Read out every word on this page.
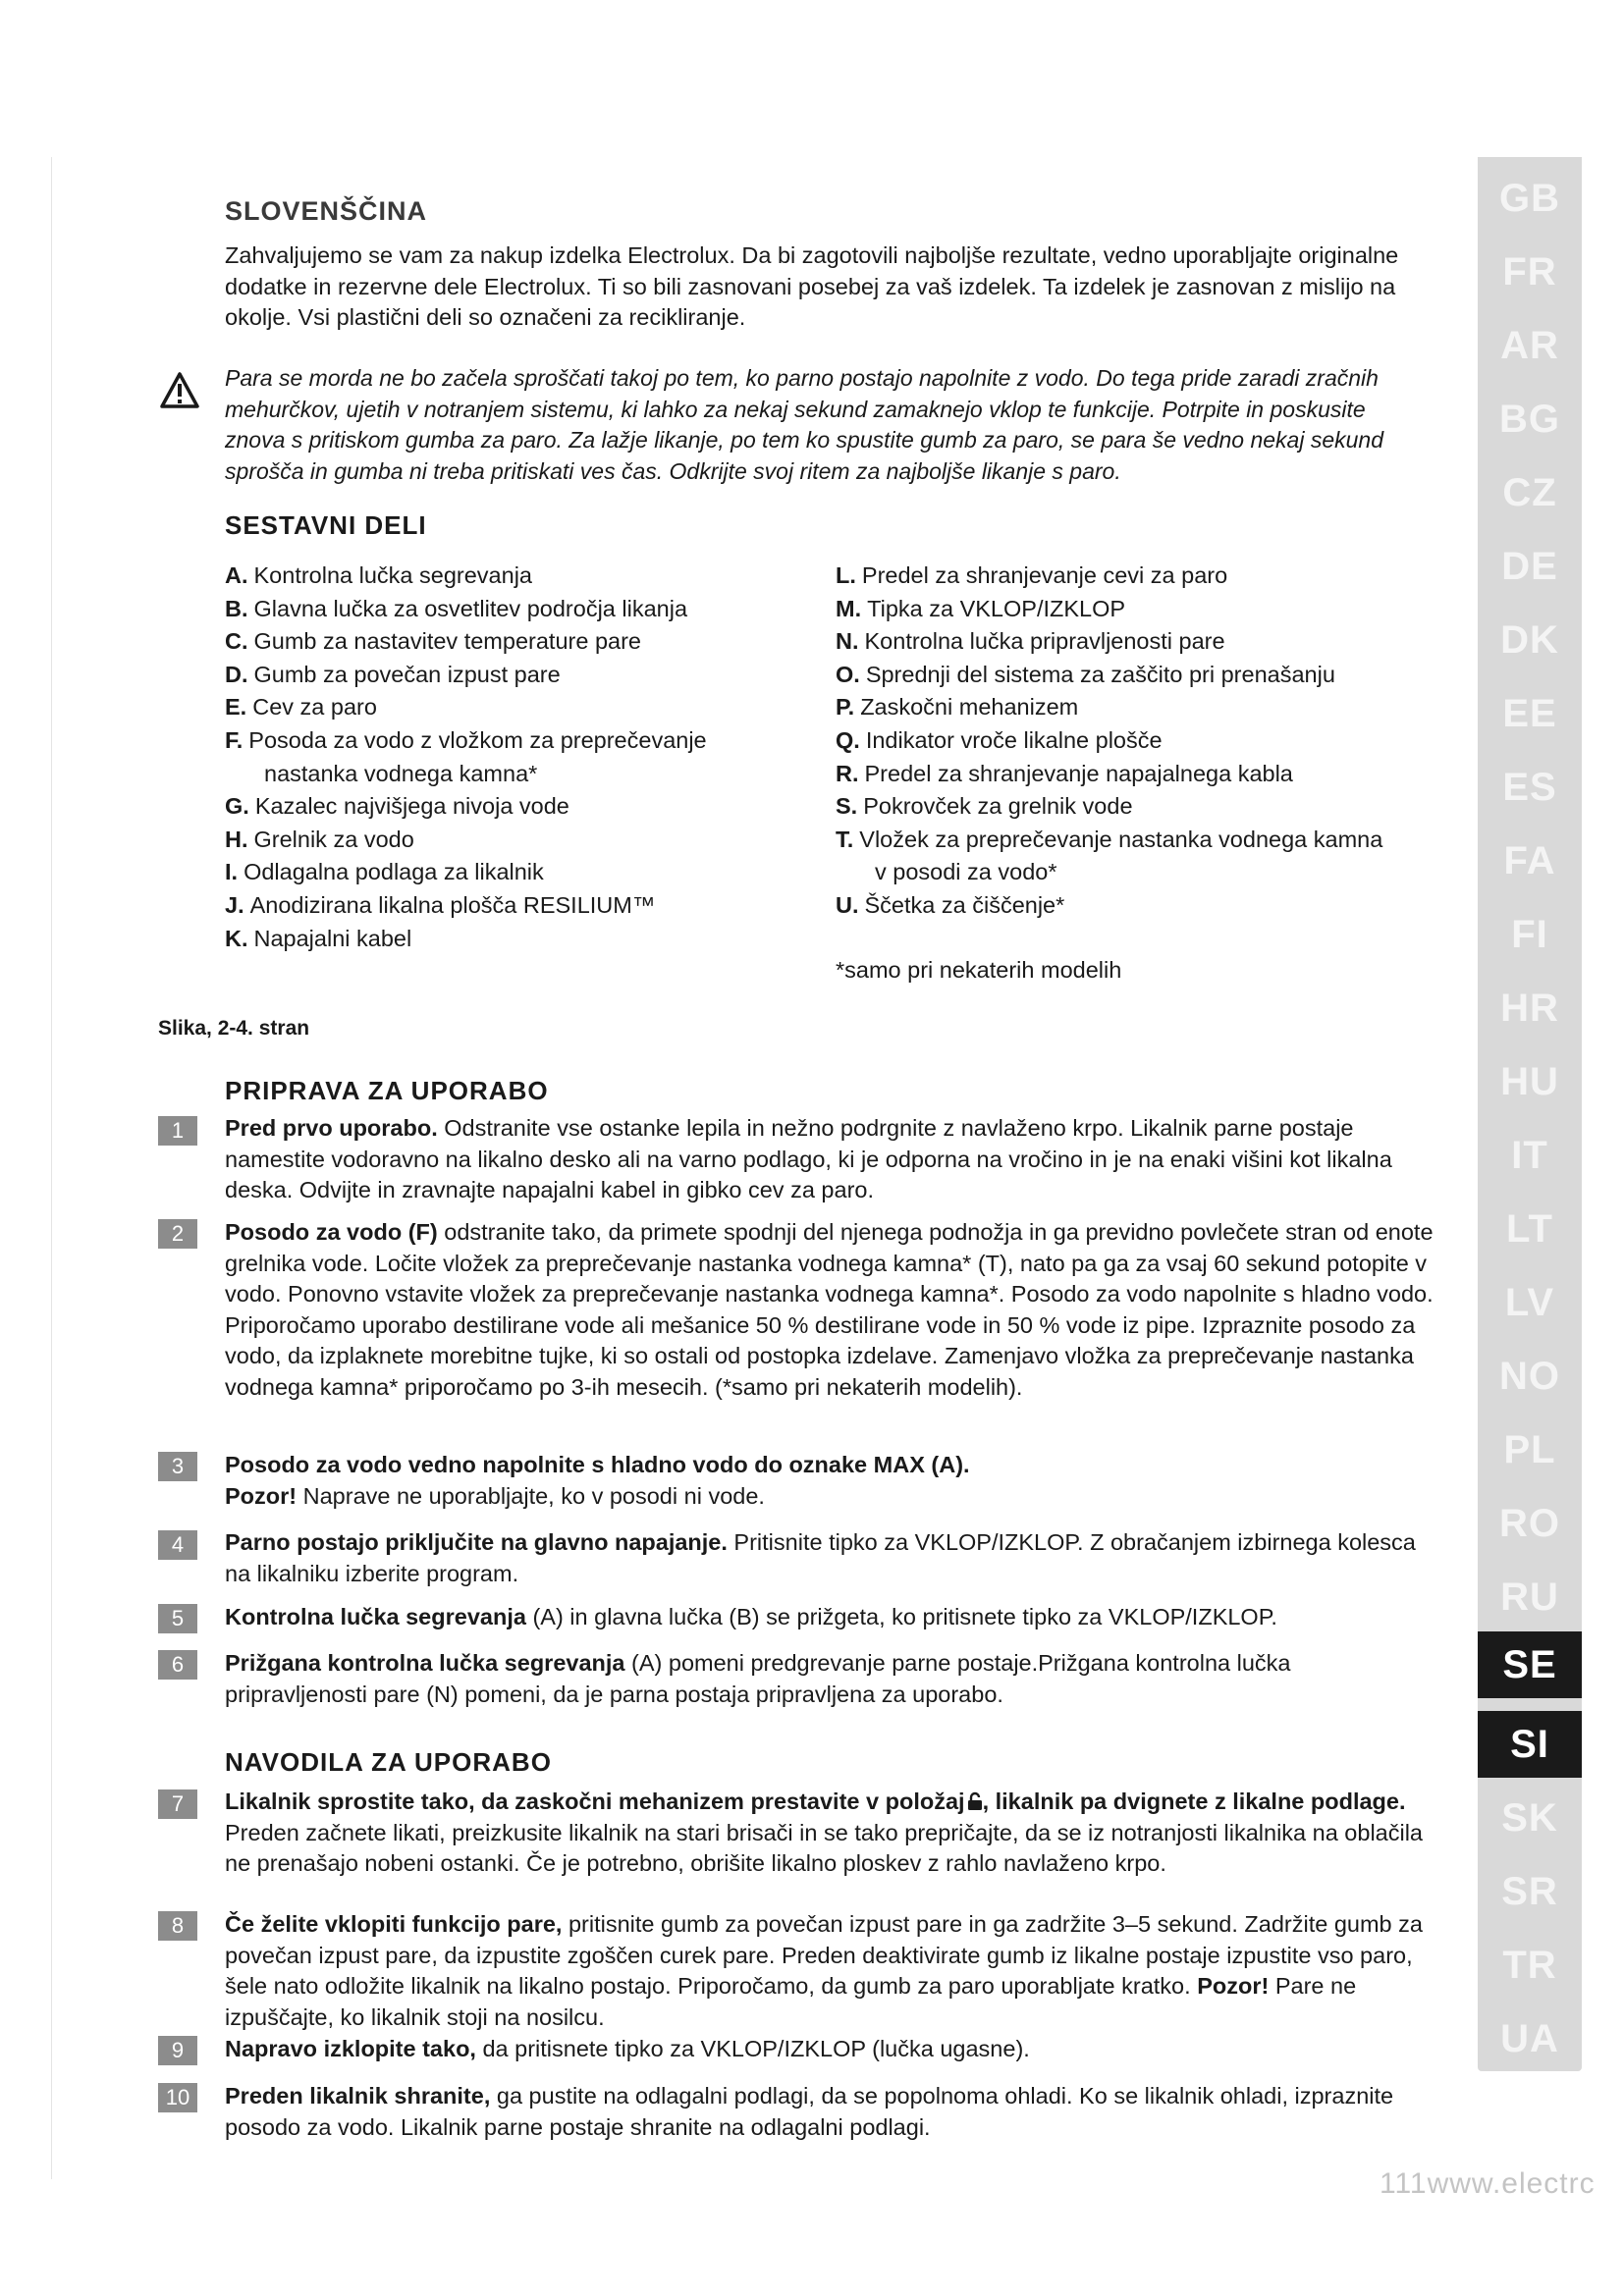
SLOVENŠČINA

Zahvaljujemo se vam za nakup izdelka Electrolux. Da bi zagotovili najboljše rezultate, vedno uporabljajte originalne dodatke in rezervne dele Electrolux. Ti so bili zasnovani posebej za vaš izdelek. Ta izdelek je zasnovan z mislijo na okolje. Vsi plastični deli so označeni za recikliranje.

Para se morda ne bo začela sproščati takoj po tem, ko parno postajo napolnite z vodo. Do tega pride zaradi zračnih mehurčkov, ujetih v notranjem sistemu, ki lahko za nekaj sekund zamaknejo vklop te funkcije. Potrpite in poskusite znova s pritiskom gumba za paro. Za lažje likanje, po tem ko spustite gumb za paro, se para še vedno nekaj sekund sprošča in gumba ni treba pritiskati ves čas. Odkrijte svoj ritem za najboljše likanje s paro.

SESTAVNI DELI
A. Kontrolna lučka segrevanja
B. Glavna lučka za osvetlitev področja likanja
C. Gumb za nastavitev temperature pare
D. Gumb za povečan izpust pare
E. Cev za paro
F. Posoda za vodo z vložkom za preprečevanje
nastanka vodnega kamna*
G. Kazalec najvišjega nivoja vode
H. Grelnik za vodo
I. Odlagalna podlaga za likalnik
J. Anodizirana likalna plošča RESILIUM™
K. Napajalni kabel
L. Predel za shranjevanje cevi za paro
M. Tipka za VKLOP/IZKLOP
N. Kontrolna lučka pripravljenosti pare
O. Sprednji del sistema za zaščito pri prenašanju
P. Zaskočni mehanizem
Q. Indikator vroče likalne plošče
R. Predel za shranjevanje napajalnega kabla
S. Pokrovček za grelnik vode
T. Vložek za preprečevanje nastanka vodnega kamna
v posodi za vodo*
U. Ščetka za čiščenje*

*samo pri nekaterih modelih

Slika, 2-4. stran

PRIPRAVA ZA UPORABO
1	Pred prvo uporabo. Odstranite vse ostanke lepila in nežno podrgnite z navlaženo krpo. Likalnik parne postaje namestite vodoravno na likalno desko ali na varno podlago, ki je odporna na vročino in je na enaki višini kot likalna deska. Odvijte in zravnajte napajalni kabel in gibko cev za paro.

2	Posodo za vodo (F) odstranite tako, da primete spodnji del njenega podnožja in ga previdno povlečete stran od enote grelnika vode. Ločite vložek za preprečevanje nastanka vodnega kamna* (T), nato pa ga za vsaj 60 sekund potopite v vodo. Ponovno vstavite vložek za preprečevanje nastanka vodnega kamna*. Posodo za vodo napolnite s hladno vodo. Priporočamo uporabo destilirane vode ali mešanice 50 % destilirane vode in 50 % vode iz pipe. Izpraznite posodo za vodo, da izplaknete morebitne tujke, ki so ostali od postopka izdelave. Zamenjavo vložka za preprečevanje nastanka vodnega kamna* priporočamo po 3-ih mesecih. (*samo pri nekaterih modelih).

3	Posodo za vodo vedno napolnite s hladno vodo do oznake MAX (A).
Pozor! Naprave ne uporabljajte, ko v posodi ni vode.

4	Parno postajo priključite na glavno napajanje. Pritisnite tipko za VKLOP/IZKLOP. Z obračanjem izbirnega kolesca na likalniku izberite program.

5	Kontrolna lučka segrevanja (A) in glavna lučka (B) se prižgeta, ko pritisnete tipko za VKLOP/IZKLOP.

6	Prižgana kontrolna lučka segrevanja (A) pomeni predgrevanje parne postaje.Prižgana kontrolna lučka pripravljenosti pare (N) pomeni, da je parna postaja pripravljena za uporabo.

NAVODILA ZA UPORABO
7	Likalnik sprostite tako, da zaskočni mehanizem prestavite v položaj , likalnik pa dvignete z likalne podlage. Preden začnete likati, preizkusite likalnik na stari brisači in se tako prepričajte, da se iz notranjosti likalnika na oblačila ne prenašajo nobeni ostanki. Če je potrebno, obrišite likalno ploskev z rahlo navlaženo krpo.

8	Če želite vklopiti funkcijo pare, pritisnite gumb za povečan izpust pare in ga zadržite 3–5 sekund. Zadržite gumb za povečan izpust pare, da izpustite zgoščen curek pare. Preden deaktivirate gumb iz likalne postaje izpustite vso paro, šele nato odložite likalnik na likalno postajo. Priporočamo, da gumb za paro uporabljate kratko. Pozor! Pare ne izpuščajte, ko likalnik stoji na nosilcu.

9	Napravo izklopite tako, da pritisnete tipko za VKLOP/IZKLOP (lučka ugasne).

10	Preden likalnik shranite, ga pustite na odlagalni podlagi, da se popolnoma ohladi. Ko se likalnik ohladi, izpraznite posodo za vodo. Likalnik parne postaje shranite na odlagalni podlagi.

GB
FR
AR
BG
CZ
DE
DK
EE
ES
FA
FI
HR
HU
IT
LT
LV
NO
PL
RO
RU
SE
SI
SK
SR
TR
UA

111www.electrc
